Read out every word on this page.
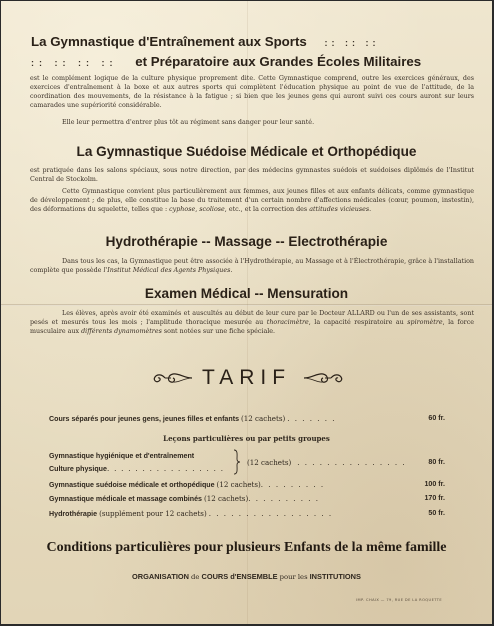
La Gymnastique d'Entraînement aux Sports :: :: ::
:: :: :: :: et Préparatoire aux Grandes Écoles Militaires
est le complément logique de la culture physique proprement dite. Cette Gymnastique comprend, outre les exercices généraux, des exercices d'entraînement à la boxe et aux autres sports qui complètent l'éducation physique au point de vue de l'attitude, de la coordination des mouvements, de la résistance à la fatigue ; si bien que les jeunes gens qui auront suivi ces cours auront sur leurs camarades une supériorité considérable.
Elle leur permettra d'entrer plus tôt au régiment sans danger pour leur santé.
La Gymnastique Suédoise Médicale et Orthopédique
est pratiquée dans les salons spéciaux, sous notre direction, par des médecins gymnastes suédois et suédoises diplômés de l'Institut Central de Stockolm.
Cette Gymnastique convient plus particulièrement aux femmes, aux jeunes filles et aux enfants délicats, comme gymnastique de développement ; de plus, elle constitue la base du traitement d'un certain nombre d'affections médicales (cœur, poumon, instestin), des déformations du squelette, telles que : cyphose, scoliose, etc., et la correction des attitudes vicieuses.
Hydrothérapie -- Massage -- Electrothérapie
Dans tous les cas, la Gymnastique peut être associée à l'Hydrothérapie, au Massage et à l'Électrothérapie, grâce à l'installation complète que possède l'Institut Médical des Agents Physiques.
Examen Médical -- Mensuration
Les élèves, après avoir été examinés et auscultés au début de leur cure par le Docteur ALLARD ou l'un de ses assistants, sont pesés et mesurés tous les mois ; l'amplitude thoracique mesurée au thoracimètre, la capacité respiratoire au spiromètre, la force musculaire aux différents dynamomètres sont notées sur une fiche spéciale.
TARIF
Cours séparés pour jeunes gens, jeunes filles et enfants (12 cachets) . . . . . . .	60 fr.
Leçons particulières ou par petits groupes
Gymnastique hygiénique et d'entraînement
Culture physique. . . . . . . . . . . . . . . . .
(12 cachets) . . . . . . . . . . . . . . .	80 fr.
Gymnastique suédoise médicale et orthopédique (12 cachets). . . . . . . . .	100 fr.
Gymnastique médicale et massage combinés (12 cachets). . . . . . . . . .	170 fr.
Hydrothérapie (supplément pour 12 cachets) . . . . . . . . . . . . . . . . .	50 fr.
Conditions particulières pour plusieurs Enfants de la même famille
ORGANISATION de COURS d'ENSEMBLE pour les INSTITUTIONS
IMP. CHAIX — 79, RUE DE LA ROQUETTE
